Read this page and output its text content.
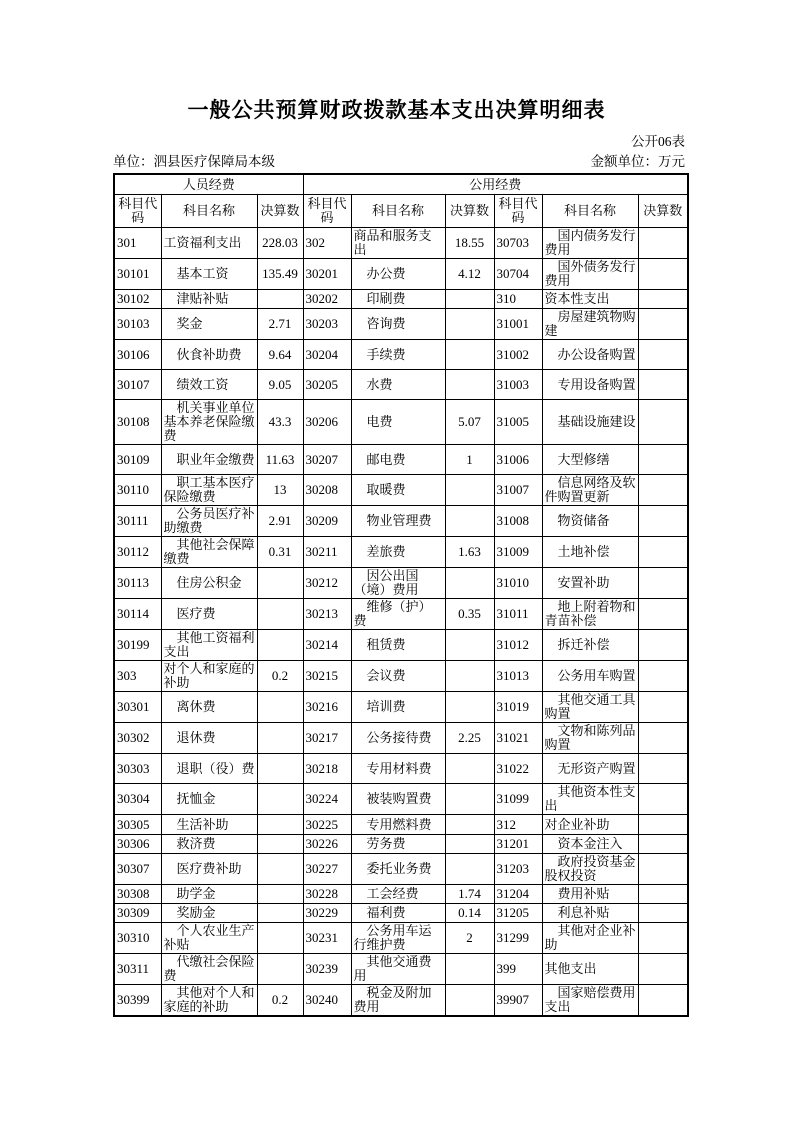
一般公共预算财政拨款基本支出决算明细表
公开06表
单位：泗县医疗保障局本级	金额单位：万元
人员经费			公用经费					
科目代码	科目名称	决算数	科目代码	科目名称	决算数	科目代码	科目名称	决算数
301	工资福利支出	228.03	302	商品和服务支出	18.55	30703	国内债务发行费用	
30101	基本工资	135.49	30201	办公费	4.12	30704	国外债务发行费用	
30102	津贴补贴		30202	印刷费		310	资本性支出	
30103	奖金	2.71	30203	咨询费		31001	房屋建筑物购建	
30106	伙食补助费	9.64	30204	手续费		31002	办公设备购置	
30107	绩效工资	9.05	30205	水费		31003	专用设备购置	
30108	机关事业单位基本养老保险缴费	43.3	30206	电费	5.07	31005	基础设施建设	
30109	职业年金缴费	11.63	30207	邮电费	1	31006	大型修缮	
30110	职工基本医疗保险缴费	13	30208	取暖费		31007	信息网络及软件购置更新	
30111	公务员医疗补助缴费	2.91	30209	物业管理费		31008	物资储备	
30112	其他社会保障缴费	0.31	30211	差旅费	1.63	31009	土地补偿	
30113	住房公积金		30212	因公出国（境）费用		31010	安置补助	
30114	医疗费		30213	维修（护）费	0.35	31011	地上附着物和青苗补偿	
30199	其他工资福利支出		30214	租赁费		31012	拆迁补偿	
303	对个人和家庭的补助	0.2	30215	会议费		31013	公务用车购置	
30301	离休费		30216	培训费		31019	其他交通工具购置	
30302	退休费		30217	公务接待费	2.25	31021	文物和陈列品购置	
30303	退职（役）费		30218	专用材料费		31022	无形资产购置	
30304	抚恤金		30224	被装购置费		31099	其他资本性支出	
30305	生活补助		30225	专用燃料费		312	对企业补助	
30306	救济费		30226	劳务费		31201	资本金注入	
30307	医疗费补助		30227	委托业务费		31203	政府投资基金股权投资	
30308	助学金		30228	工会经费	1.74	31204	费用补贴	
30309	奖励金		30229	福利费	0.14	31205	利息补贴	
30310	个人农业生产补贴		30231	公务用车运行维护费	2	31299	其他对企业补助	
30311	代缴社会保险费		30239	其他交通费用		399	其他支出	
30399	其他对个人和家庭的补助	0.2	30240	税金及附加费用		39907	国家赔偿费用支出	
